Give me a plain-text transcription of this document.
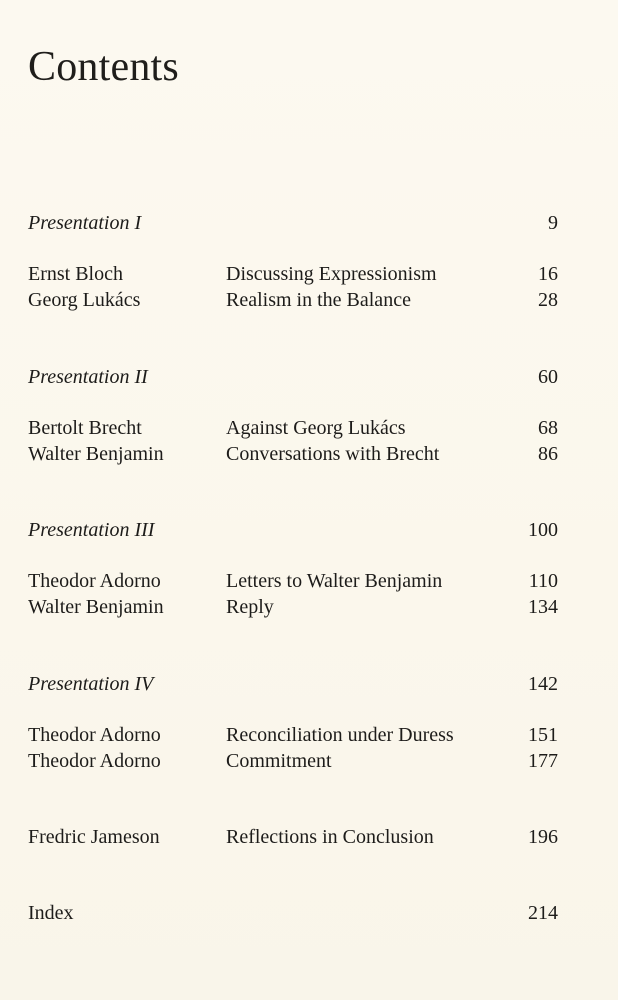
Contents
Presentation I	9
Ernst Bloch	Discussing Expressionism	16
Georg Lukács	Realism in the Balance	28
Presentation II	60
Bertolt Brecht	Against Georg Lukács	68
Walter Benjamin	Conversations with Brecht	86
Presentation III	100
Theodor Adorno	Letters to Walter Benjamin	110
Walter Benjamin	Reply	134
Presentation IV	142
Theodor Adorno	Reconciliation under Duress	151
Theodor Adorno	Commitment	177
Fredric Jameson	Reflections in Conclusion	196
Index	214
